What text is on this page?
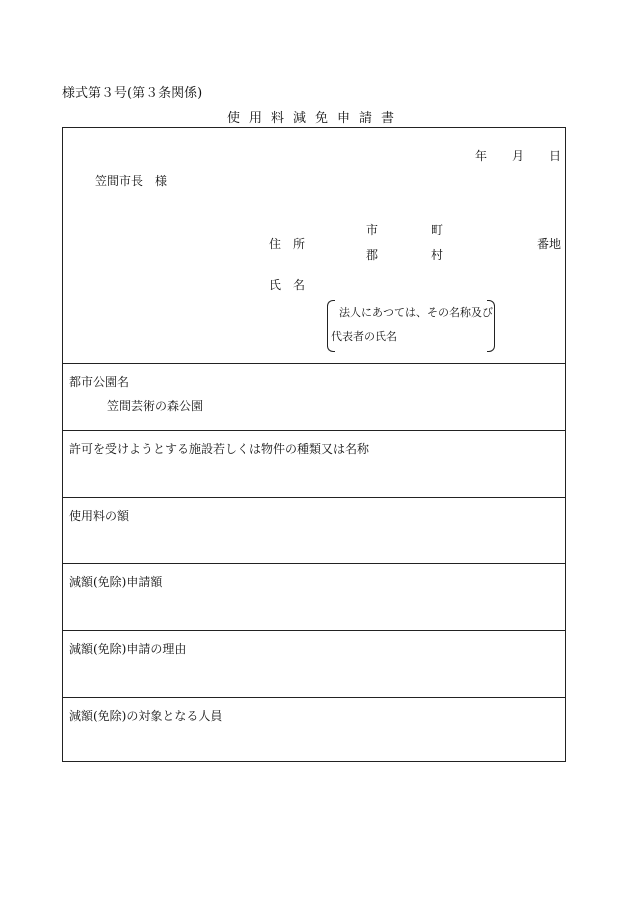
様式第３号(第３条関係)
使用料減免申請書
年 月 日
笠間市長　様
住　所
市	町
郡	村
番地
氏　名
法人にあつては、その名称及び
代表者の氏名
都市公園名
笠間芸術の森公園
許可を受けようとする施設若しくは物件の種類又は名称
使用料の額
減額(免除)申請額
減額(免除)申請の理由
減額(免除)の対象となる人員
